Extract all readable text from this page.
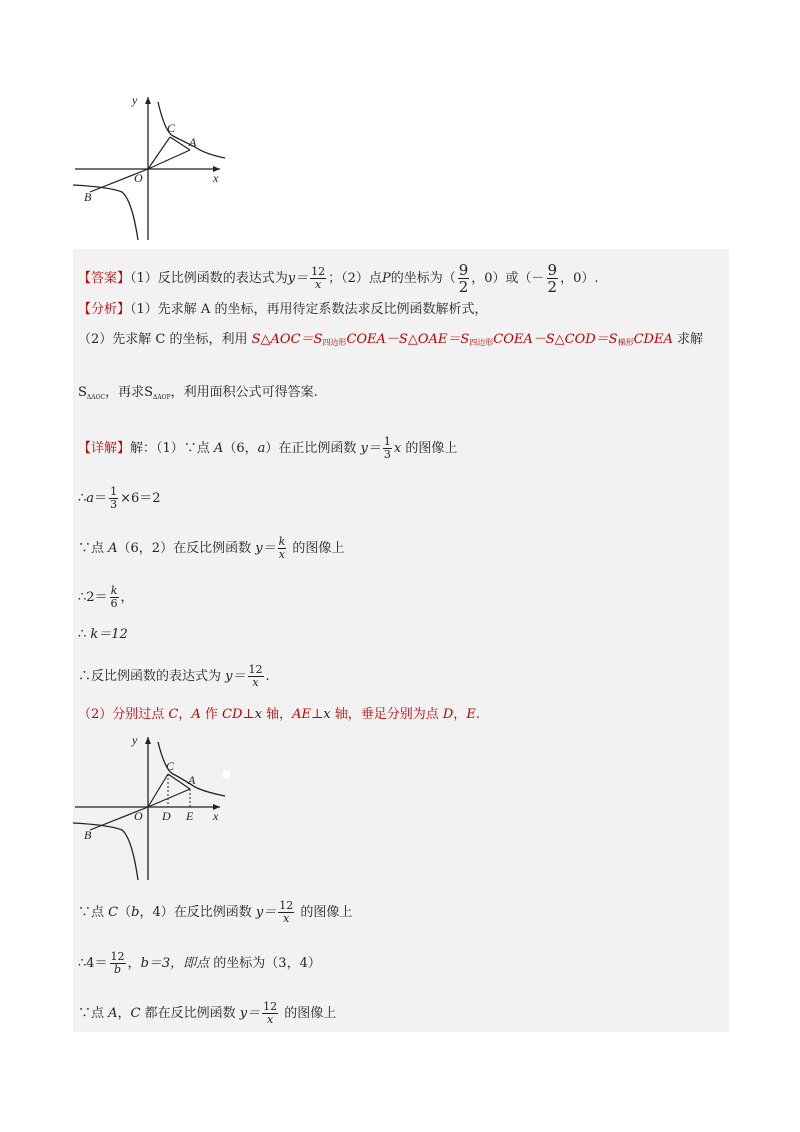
y
x
O
C
A
B
【答案】（1）反比例函数的表达式为$y= \frac{12}{x}$ ；（2）点P的坐标为（ $\frac{9}{2}$ ，0）或（－ $\frac{9}{2}$ ，0）.
【分析】（1）先求解 A 的坐标，再用待定系数法求反比例函数解析式，
（2）先求解 C 的坐标，利用 $S\triangle AOC=S_{四边形}COEA-S\triangle OAE=S_{四边形}COEA-S\triangle COD=S_{梯形}CDEA$ 求解
$S_{\Delta AOC}$，再求$S_{\Delta AOP}$，利用面积公式可得答案.
【详解】解：（1）∵点 A（6，a）在正比例函数 $y= \frac{1}{3}$ x 的图像上
∴a＝ $\frac{1}{3} \times 6=2$
∵点 A（6，2）在反比例函数 $y= \frac{k}{x}$ 的图像上
∴2＝ $\frac{k}{6}$ ，
∴ k＝12
∴反比例函数的表达式为 $y= \frac{12}{x}$ .
（2）分别过点 C，A 作 CD⊥x 轴，AE⊥x 轴，垂足分别为点 D，E.
y
x
O
C
A
B
D E
∵点 C（b，4）在反比例函数 $y= \frac{12}{x}$ 的图像上
∴4＝ $\frac{12}{b}$ ，b＝3，即点 的坐标为（3，4）
∵点 A，C 都在反比例函数 $y= \frac{12}{x}$ 的图像上
